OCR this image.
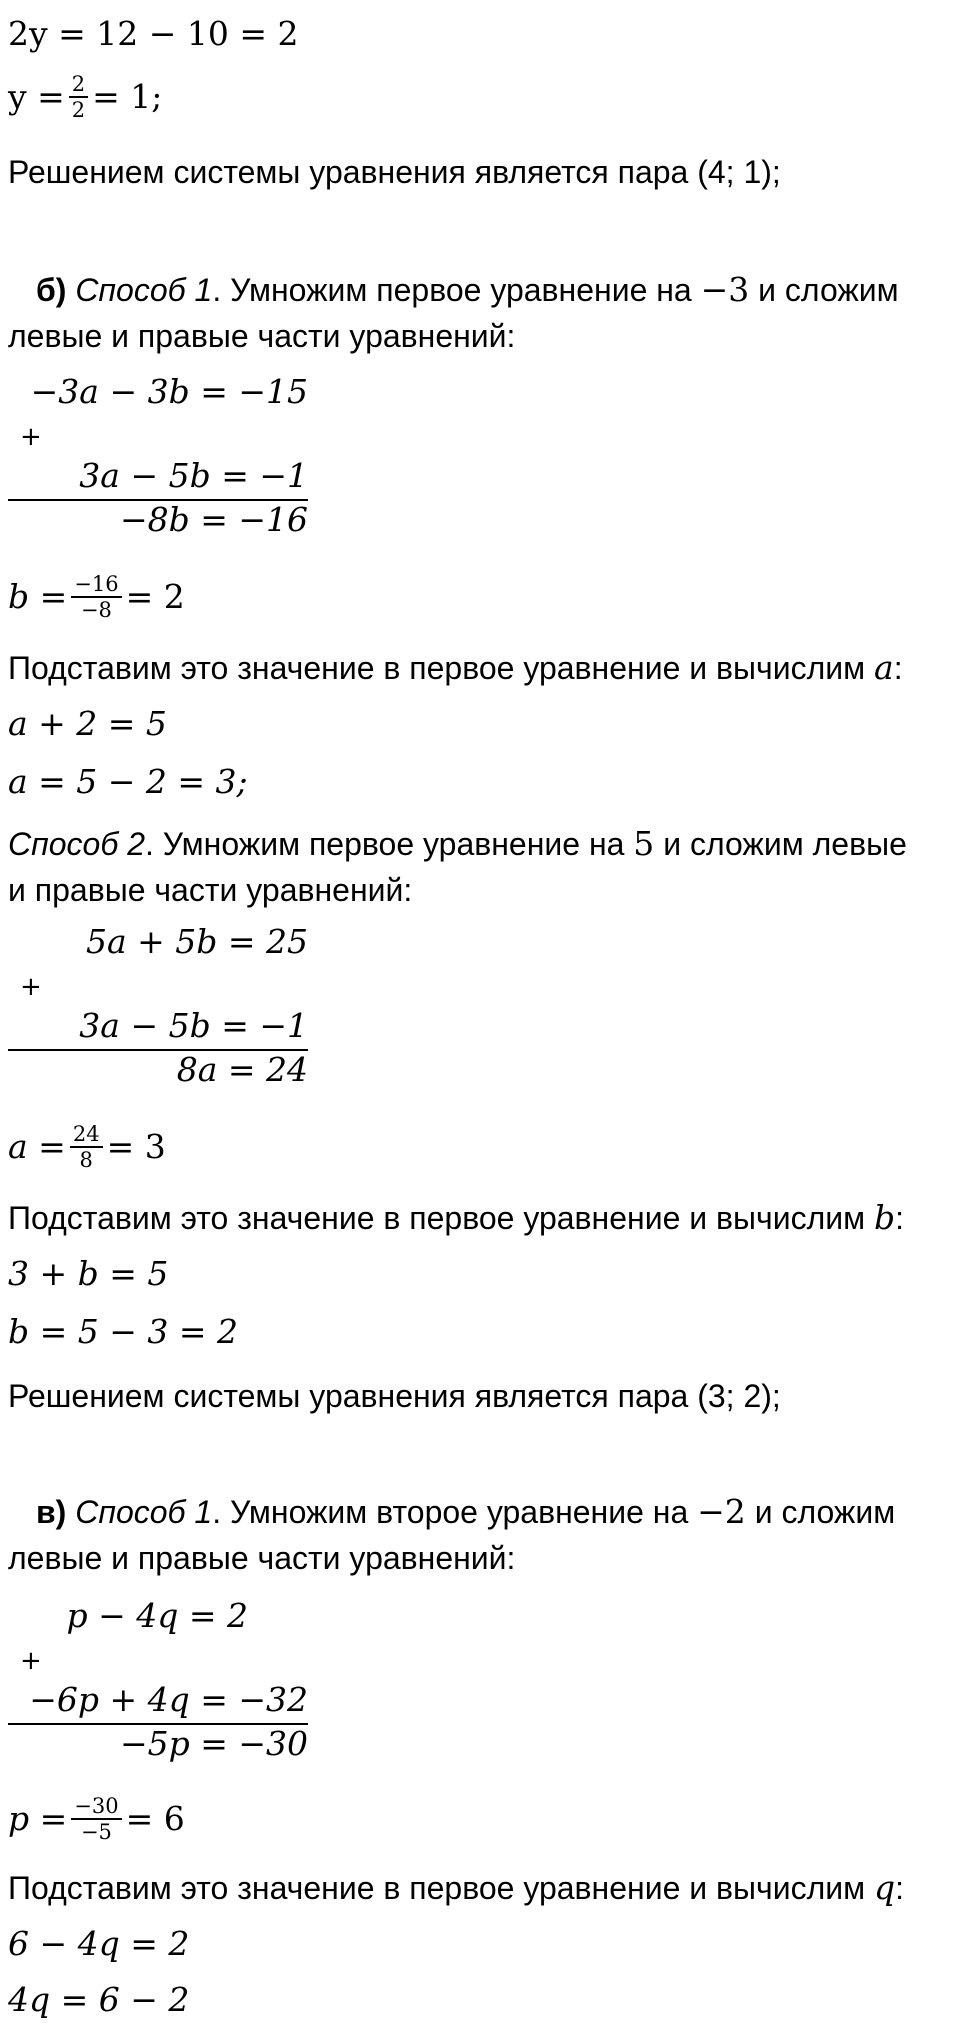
2y = 12 − 10 = 2
$y = \frac{2}{2} = 1$;
Решением системы уравнения является пара (4; 1);
б) Способ 1. Умножим первое уравнение на −3 и сложим
левые и правые части уравнений:
−3a − 3b = −15
+
3a − 5b = −1
−8b = −16
$b = \frac{-16}{-8} = 2$
Подставим это значение в первое уравнение и вычислим a:
a + 2 = 5
a = 5 − 2 = 3;
Способ 2. Умножим первое уравнение на 5 и сложим левые
и правые части уравнений:
5a + 5b = 25
+
3a − 5b = −1
8a = 24
$a = \frac{24}{8} = 3$
Подставим это значение в первое уравнение и вычислим b:
3 + b = 5
b = 5 − 3 = 2
Решением системы уравнения является пара (3; 2);
в) Способ 1. Умножим второе уравнение на −2 и сложим
левые и правые части уравнений:
p − 4q = 2
+
−6p + 4q = −32
−5p = −30
$p = \frac{-30}{-5} = 6$
Подставим это значение в первое уравнение и вычислим q:
6 − 4q = 2
4q = 6 − 2
